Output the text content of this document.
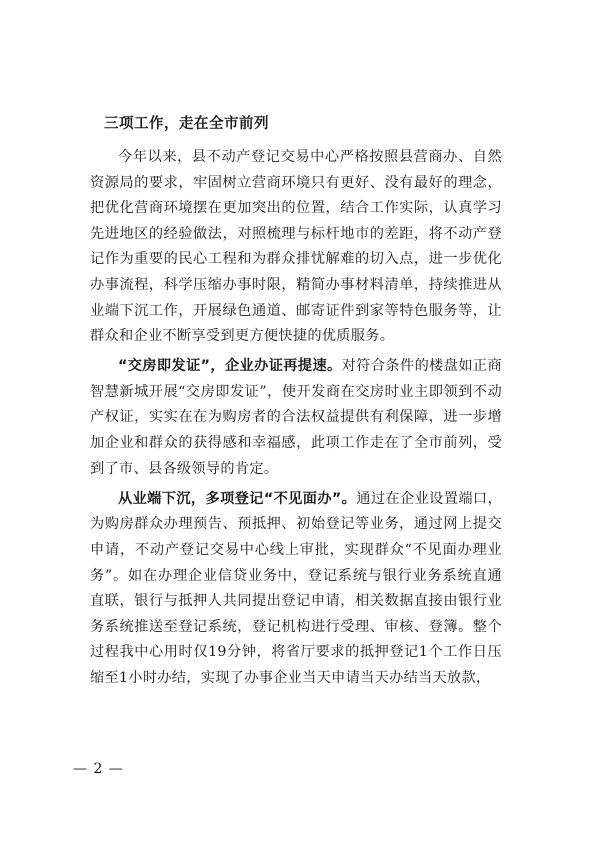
三项工作，走在全市前列

今年以来，县不动产登记交易中心严格按照县营商办、自然资源局的要求，牢固树立营商环境只有更好、没有最好的理念，把优化营商环境摆在更加突出的位置，结合工作实际，认真学习先进地区的经验做法，对照梳理与标杆地市的差距，将不动产登记作为重要的民心工程和为群众排忧解难的切入点，进一步优化办事流程，科学压缩办事时限，精简办事材料清单，持续推进从业端下沉工作，开展绿色通道、邮寄证件到家等特色服务等，让群众和企业不断享受到更方便快捷的优质服务。

“交房即发证”，企业办证再提速。对符合条件的楼盘如正商智慧新城开展“交房即发证”，使开发商在交房时业主即领到不动产权证，实实在在为购房者的合法权益提供有利保障，进一步增加企业和群众的获得感和幸福感，此项工作走在了全市前列，受到了市、县各级领导的肯定。

从业端下沉，多项登记“不见面办”。通过在企业设置端口，为购房群众办理预告、预抵押、初始登记等业务，通过网上提交申请，不动产登记交易中心线上审批，实现群众“不见面办理业务”。如在办理企业信贷业务中，登记系统与银行业务系统直通直联，银行与抵押人共同提出登记申请，相关数据直接由银行业务系统推送至登记系统，登记机构进行受理、审核、登簿。整个过程我中心用时仅19分钟，将省厅要求的抵押登记1个工作日压缩至1小时办结，实现了办事企业当天申请当天办结当天放款，

— 2 —
